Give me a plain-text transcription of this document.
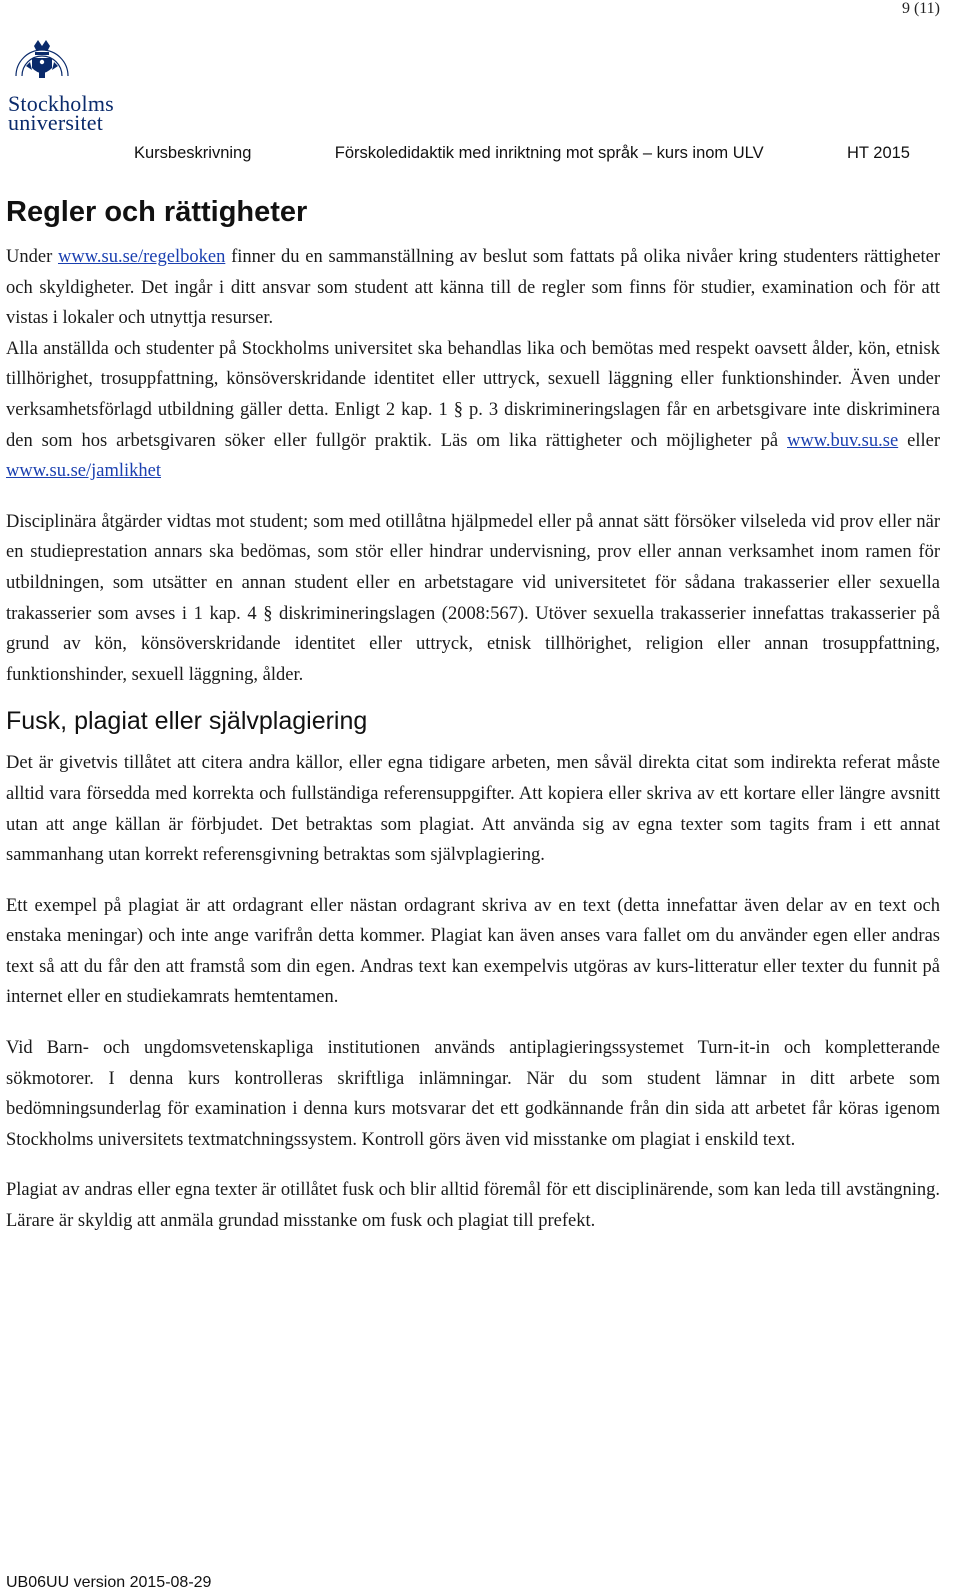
9 (11)
Stockholms
universitet
Kursbeskrivning	Förskoledidaktik med inriktning mot språk – kurs inom ULV	HT 2015
Regler och rättigheter

Under www.su.se/regelboken finner du en sammanställning av beslut som fattats på olika nivåer kring studenters rättigheter och skyldigheter. Det ingår i ditt ansvar som student att känna till de regler som finns för studier, examination och för att vistas i lokaler och utnyttja resurser.

Alla anställda och studenter på Stockholms universitet ska behandlas lika och bemötas med respekt oavsett ålder, kön, etnisk tillhörighet, trosuppfattning, könsöverskridande identitet eller uttryck, sexuell läggning eller funktionshinder. Även under verksamhetsförlagd utbildning gäller detta. Enligt 2 kap. 1 § p. 3 diskrimineringslagen får en arbetsgivare inte diskriminera den som hos arbetsgivaren söker eller fullgör praktik. Läs om lika rättigheter och möjligheter på www.buv.su.se eller www.su.se/jamlikhet

Disciplinära åtgärder vidtas mot student; som med otillåtna hjälpmedel eller på annat sätt försöker vilseleda vid prov eller när en studieprestation annars ska bedömas, som stör eller hindrar undervisning, prov eller annan verksamhet inom ramen för utbildningen, som utsätter en annan student eller en arbetstagare vid universitetet för sådana trakasserier eller sexuella trakasserier som avses i 1 kap. 4 § diskrimineringslagen (2008:567). Utöver sexuella trakasserier innefattas trakasserier på grund av kön, könsöverskridande identitet eller uttryck, etnisk tillhörighet, religion eller annan trosuppfattning, funktionshinder, sexuell läggning, ålder.

Fusk, plagiat eller självplagiering

Det är givetvis tillåtet att citera andra källor, eller egna tidigare arbeten, men såväl direkta citat som indirekta referat måste alltid vara försedda med korrekta och fullständiga referensuppgifter. Att kopiera eller skriva av ett kortare eller längre avsnitt utan att ange källan är förbjudet. Det betraktas som plagiat. Att använda sig av egna texter som tagits fram i ett annat sammanhang utan korrekt referensgivning betraktas som självplagiering.

Ett exempel på plagiat är att ordagrant eller nästan ordagrant skriva av en text (detta innefattar även delar av en text och enstaka meningar) och inte ange varifrån detta kommer. Plagiat kan även anses vara fallet om du använder egen eller andras text så att du får den att framstå som din egen. Andras text kan exempelvis utgöras av kurs-litteratur eller texter du funnit på internet eller en studiekamrats hemtentamen.

Vid Barn- och ungdomsvetenskapliga institutionen används antiplagieringssystemet Turn-it-in och kompletterande sökmotorer. I denna kurs kontrolleras skriftliga inlämningar. När du som student lämnar in ditt arbete som bedömningsunderlag för examination i denna kurs motsvarar det ett godkännande från din sida att arbetet får köras igenom Stockholms universitets textmatchningssystem. Kontroll görs även vid misstanke om plagiat i enskild text.

Plagiat av andras eller egna texter är otillåtet fusk och blir alltid föremål för ett disciplinärende, som kan leda till avstängning. Lärare är skyldig att anmäla grundad misstanke om fusk och plagiat till prefekt.

UB06UU version 2015-08-29
